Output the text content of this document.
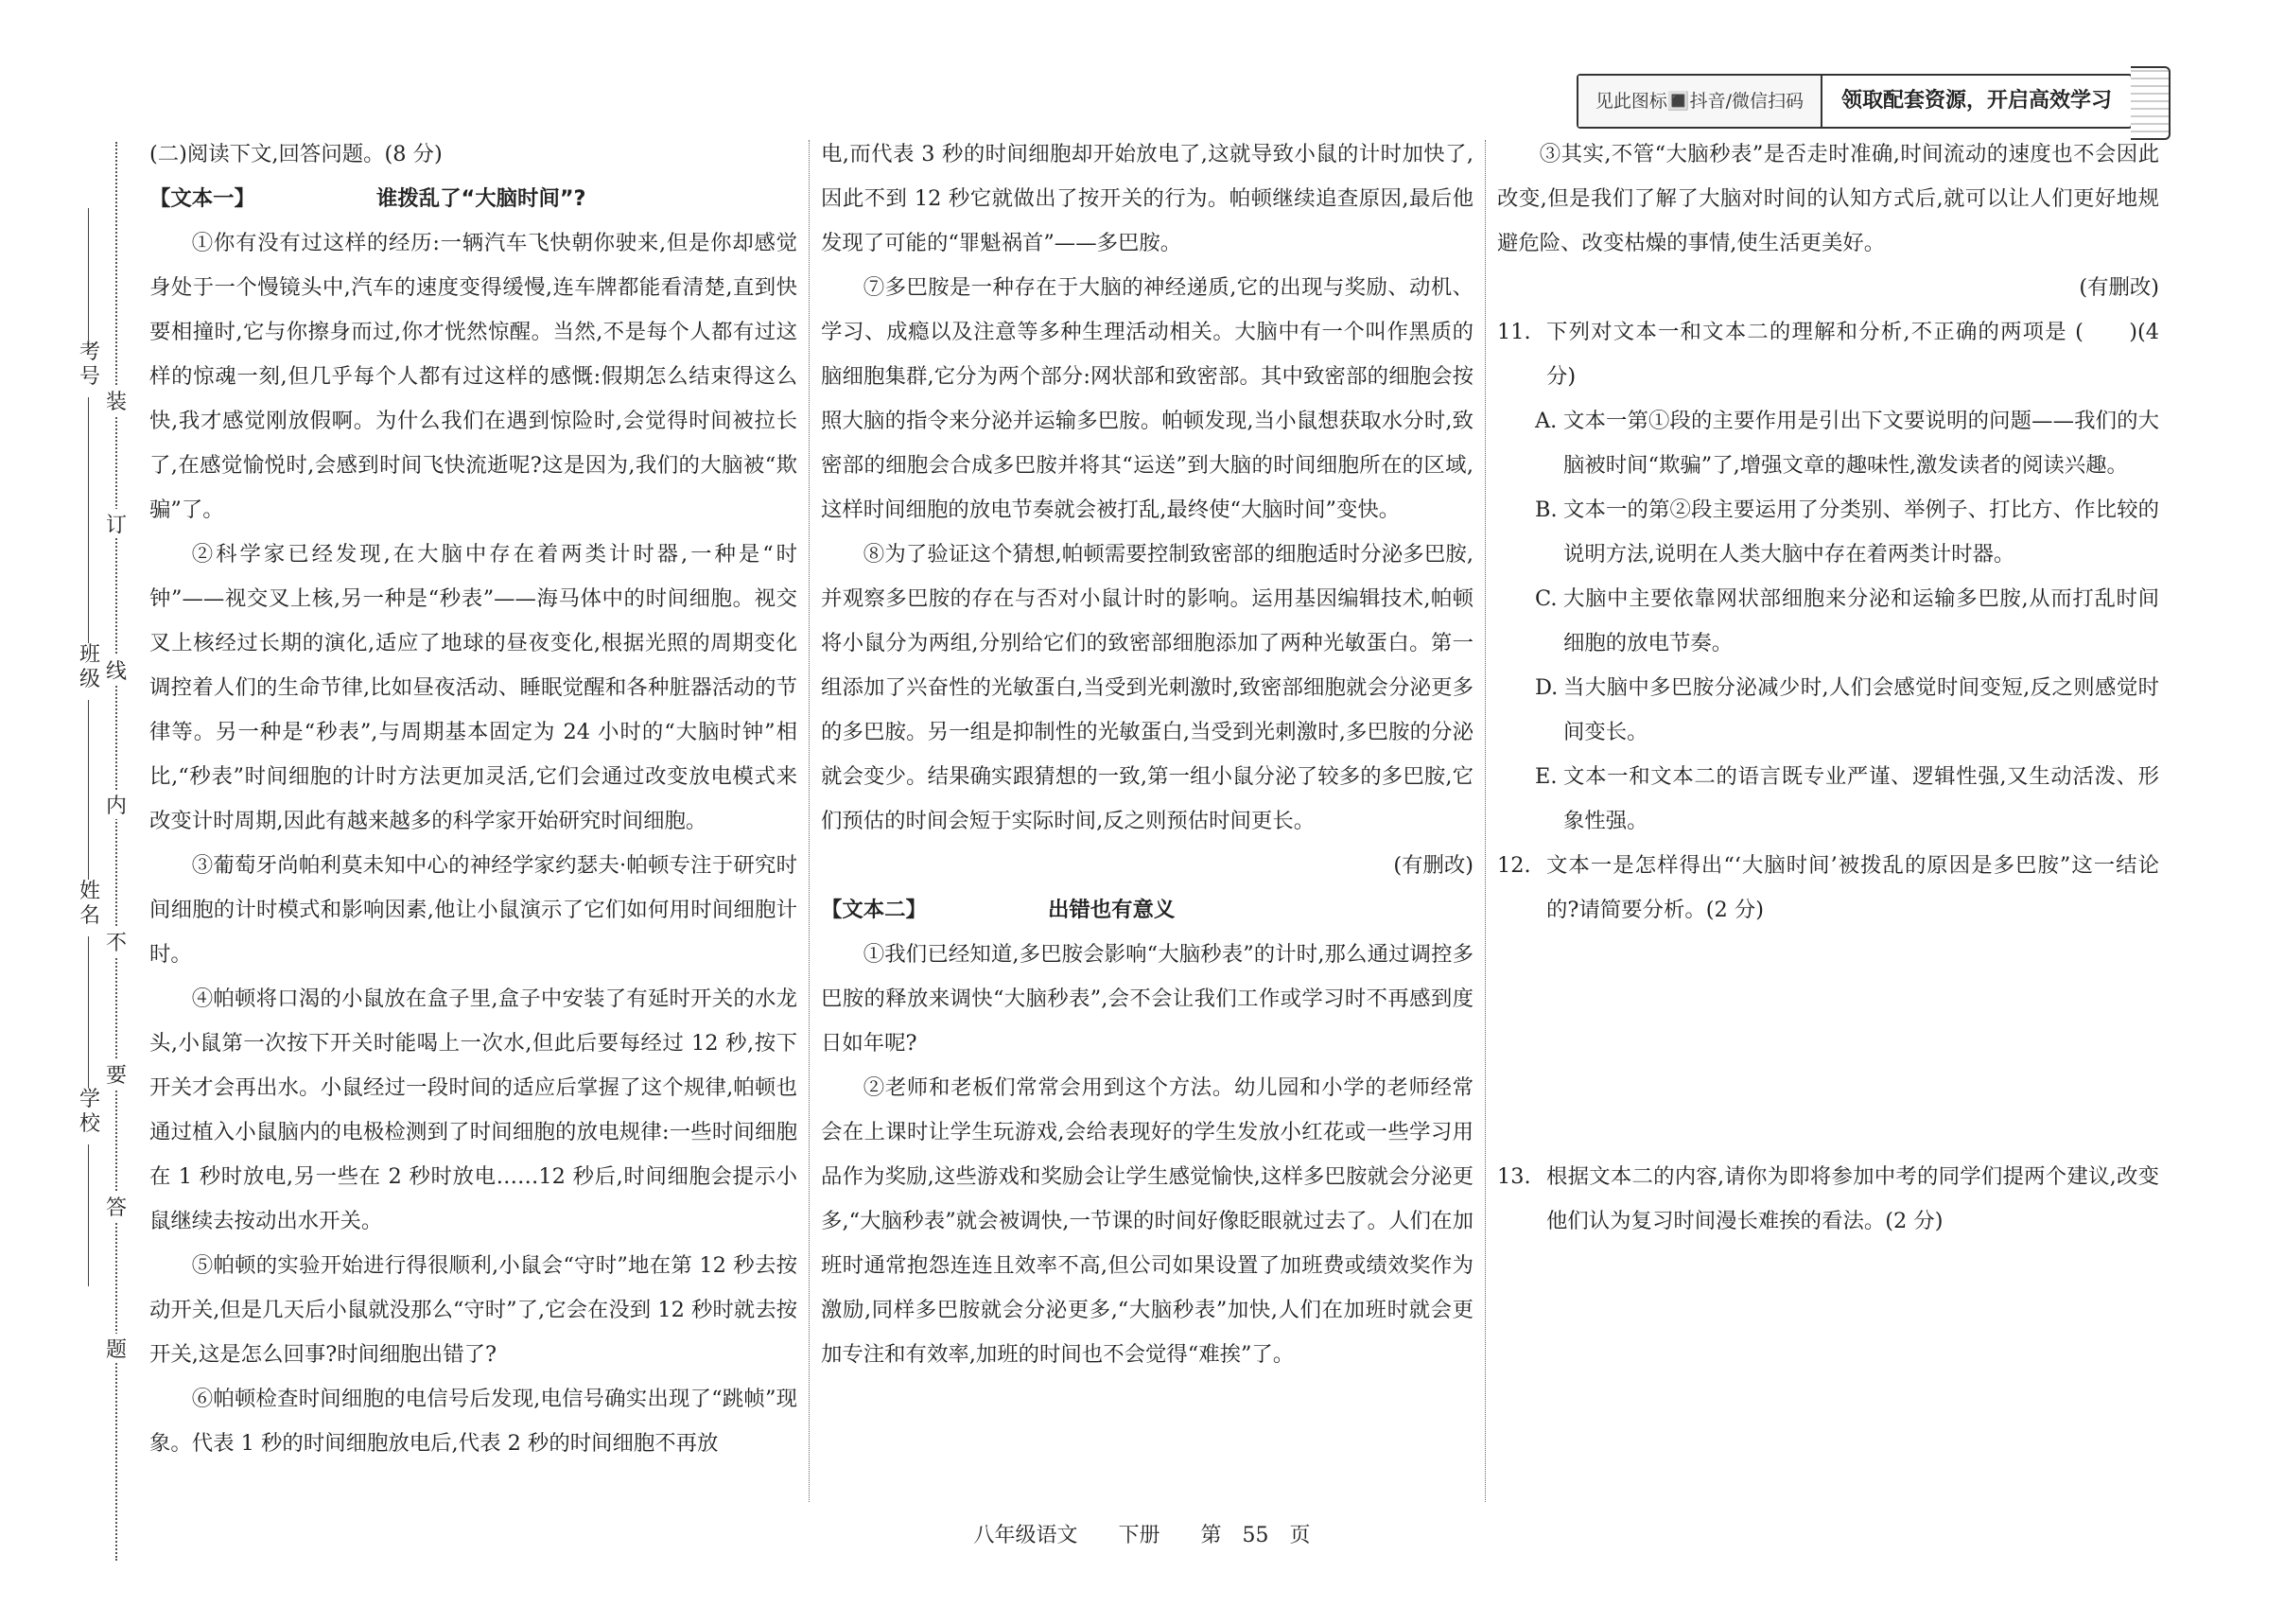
见此图标🔳抖音/微信扫码	领取配套资源，开启高效学习
考号
班级
姓名
学校
装
订
线
内
不
要
答
题

(二)阅读下文,回答问题。(8 分)

【文本一】	谁拨乱了“大脑时间”?

①你有没有过这样的经历:一辆汽车飞快朝你驶来,但是你却感觉身处于一个慢镜头中,汽车的速度变得缓慢,连车牌都能看清楚,直到快要相撞时,它与你擦身而过,你才恍然惊醒。当然,不是每个人都有过这样的惊魂一刻,但几乎每个人都有过这样的感慨:假期怎么结束得这么快,我才感觉刚放假啊。为什么我们在遇到惊险时,会觉得时间被拉长了,在感觉愉悦时,会感到时间飞快流逝呢?这是因为,我们的大脑被“欺骗”了。

②科学家已经发现,在大脑中存在着两类计时器,一种是“时钟”——视交叉上核,另一种是“秒表”——海马体中的时间细胞。视交叉上核经过长期的演化,适应了地球的昼夜变化,根据光照的周期变化调控着人们的生命节律,比如昼夜活动、睡眠觉醒和各种脏器活动的节律等。另一种是“秒表”,与周期基本固定为 24 小时的“大脑时钟”相比,“秒表”时间细胞的计时方法更加灵活,它们会通过改变放电模式来改变计时周期,因此有越来越多的科学家开始研究时间细胞。

③葡萄牙尚帕利莫未知中心的神经学家约瑟夫·帕顿专注于研究时间细胞的计时模式和影响因素,他让小鼠演示了它们如何用时间细胞计时。

④帕顿将口渴的小鼠放在盒子里,盒子中安装了有延时开关的水龙头,小鼠第一次按下开关时能喝上一次水,但此后要每经过 12 秒,按下开关才会再出水。小鼠经过一段时间的适应后掌握了这个规律,帕顿也通过植入小鼠脑内的电极检测到了时间细胞的放电规律:一些时间细胞在 1 秒时放电,另一些在 2 秒时放电……12 秒后,时间细胞会提示小鼠继续去按动出水开关。

⑤帕顿的实验开始进行得很顺利,小鼠会“守时”地在第 12 秒去按动开关,但是几天后小鼠就没那么“守时”了,它会在没到 12 秒时就去按开关,这是怎么回事?时间细胞出错了?

⑥帕顿检查时间细胞的电信号后发现,电信号确实出现了“跳帧”现象。代表 1 秒的时间细胞放电后,代表 2 秒的时间细胞不再放

电,而代表 3 秒的时间细胞却开始放电了,这就导致小鼠的计时加快了,因此不到 12 秒它就做出了按开关的行为。帕顿继续追查原因,最后他发现了可能的“罪魁祸首”——多巴胺。

⑦多巴胺是一种存在于大脑的神经递质,它的出现与奖励、动机、学习、成瘾以及注意等多种生理活动相关。大脑中有一个叫作黑质的脑细胞集群,它分为两个部分:网状部和致密部。其中致密部的细胞会按照大脑的指令来分泌并运输多巴胺。帕顿发现,当小鼠想获取水分时,致密部的细胞会合成多巴胺并将其“运送”到大脑的时间细胞所在的区域,这样时间细胞的放电节奏就会被打乱,最终使“大脑时间”变快。

⑧为了验证这个猜想,帕顿需要控制致密部的细胞适时分泌多巴胺,并观察多巴胺的存在与否对小鼠计时的影响。运用基因编辑技术,帕顿将小鼠分为两组,分别给它们的致密部细胞添加了两种光敏蛋白。第一组添加了兴奋性的光敏蛋白,当受到光刺激时,致密部细胞就会分泌更多的多巴胺。另一组是抑制性的光敏蛋白,当受到光刺激时,多巴胺的分泌就会变少。结果确实跟猜想的一致,第一组小鼠分泌了较多的多巴胺,它们预估的时间会短于实际时间,反之则预估时间更长。

(有删改)

【文本二】	出错也有意义

①我们已经知道,多巴胺会影响“大脑秒表”的计时,那么通过调控多巴胺的释放来调快“大脑秒表”,会不会让我们工作或学习时不再感到度日如年呢?

②老师和老板们常常会用到这个方法。幼儿园和小学的老师经常会在上课时让学生玩游戏,会给表现好的学生发放小红花或一些学习用品作为奖励,这些游戏和奖励会让学生感觉愉快,这样多巴胺就会分泌更多,“大脑秒表”就会被调快,一节课的时间好像眨眼就过去了。人们在加班时通常抱怨连连且效率不高,但公司如果设置了加班费或绩效奖作为激励,同样多巴胺就会分泌更多,“大脑秒表”加快,人们在加班时就会更加专注和有效率,加班的时间也不会觉得“难挨”了。

③其实,不管“大脑秒表”是否走时准确,时间流动的速度也不会因此改变,但是我们了解了大脑对时间的认知方式后,就可以让人们更好地规避危险、改变枯燥的事情,使生活更美好。

(有删改)

11. 下列对文本一和文本二的理解和分析,不正确的两项是 (　　)(4 分)
A. 文本一第①段的主要作用是引出下文要说明的问题——我们的大脑被时间“欺骗”了,增强文章的趣味性,激发读者的阅读兴趣。
B. 文本一的第②段主要运用了分类别、举例子、打比方、作比较的说明方法,说明在人类大脑中存在着两类计时器。
C. 大脑中主要依靠网状部细胞来分泌和运输多巴胺,从而打乱时间细胞的放电节奏。
D. 当大脑中多巴胺分泌减少时,人们会感觉时间变短,反之则感觉时间变长。
E. 文本一和文本二的语言既专业严谨、逻辑性强,又生动活泼、形象性强。
12. 文本一是怎样得出“‘大脑时间’被拨乱的原因是多巴胺”这一结论的?请简要分析。(2 分)
13. 根据文本二的内容,请你为即将参加中考的同学们提两个建议,改变他们认为复习时间漫长难挨的看法。(2 分)
八年级语文 下册 第　55　页
